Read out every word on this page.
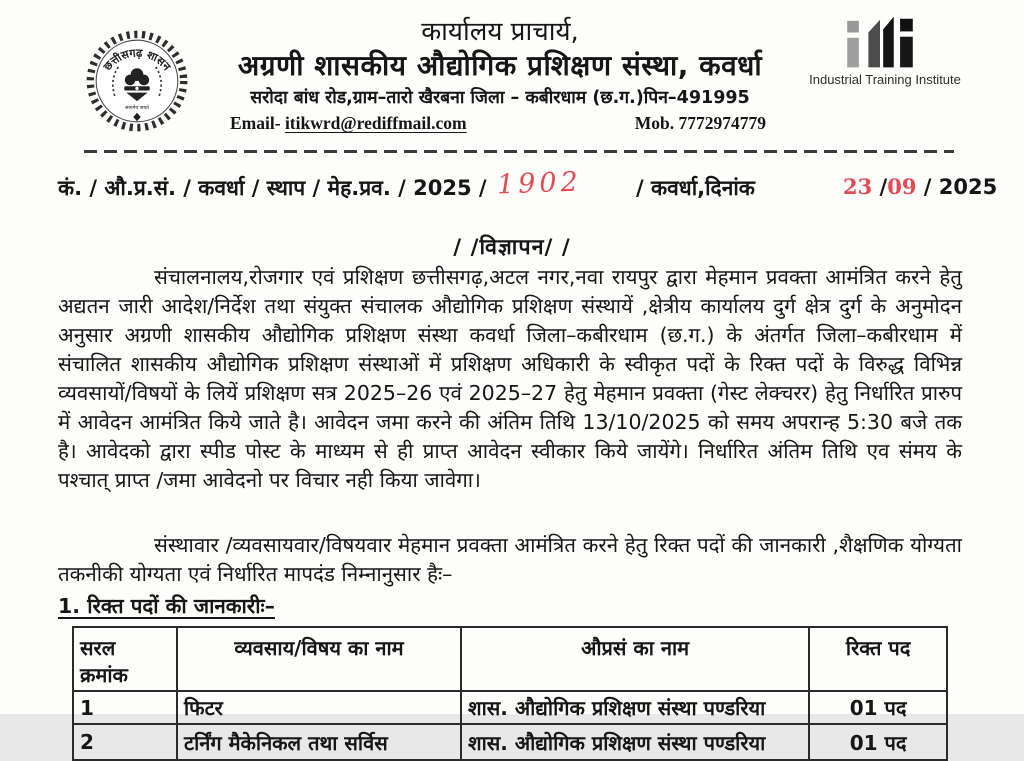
छत्तीसगढ़ शासन
सत्यमेव जयते
कार्यालय प्राचार्य,
अग्रणी शासकीय औद्योगिक प्रशिक्षण संस्था, कवर्धा
सरोदा बांध रोड,ग्राम–तारो खैरबना जिला – कबीरधाम (छ.ग.)पिन–491995
Email- itikwrd@rediffmail.com	Mob. 7772974779
Industrial Training Institute
कं. / औ.प्र.सं. / कवर्धा / स्थाप / मेह.प्रव. / 2025 / 1902	/ कवर्धा,दिनांक	23 /09 / 2025
/ /विज्ञापन/ /

संचालनालय,रोजगार एवं प्रशिक्षण छत्तीसगढ़,अटल नगर,नवा रायपुर द्वारा मेहमान प्रवक्ता आमंत्रित करने हेतु अद्यतन जारी आदेश/निर्देश तथा संयुक्त संचालक औद्योगिक प्रशिक्षण संस्थायें ,क्षेत्रीय कार्यालय दुर्ग क्षेत्र दुर्ग के अनुमोदन अनुसार अग्रणी शासकीय औद्योगिक प्रशिक्षण संस्था कवर्धा जिला–कबीरधाम (छ.ग.) के अंतर्गत जिला–कबीरधाम में संचालित शासकीय औद्योगिक प्रशिक्षण संस्थाओं में प्रशिक्षण अधिकारी के स्वीकृत पदों के रिक्त पदों के विरुद्ध विभिन्न व्यवसायों/विषयों के लियें प्रशिक्षण सत्र 2025–26 एवं 2025–27 हेतु मेहमान प्रवक्ता (गेस्ट लेक्चरर) हेतु निर्धारित प्रारुप में आवेदन आमंत्रित किये जाते है। आवेदन जमा करने की अंतिम तिथि 13/10/2025 को समय अपरान्ह 5:30 बजे तक है। आवेदको द्वारा स्पीड पोस्ट के माध्यम से ही प्राप्त आवेदन स्वीकार किये जायेंगे। निर्धारित अंतिम तिथि एव संमय के पश्चात् प्राप्त /जमा आवेदनो पर विचार नही किया जावेगा।

संस्थावार /व्यवसायवार/विषयवार मेहमान प्रवक्ता आमंत्रित करने हेतु रिक्त पदों की जानकारी ,शैक्षणिक योग्यता तकनीकी योग्यता एवं निर्धारित मापदंड निम्नानुसार हैः–

1. रिक्त पदों की जानकारीः–
सरल क्रमांक	व्यवसाय/विषय का नाम	औप्रसं का नाम	रिक्त पद
1	फिटर	शास. औद्योगिक प्रशिक्षण संस्था पण्डरिया	01 पद
2	टर्निंग मैकेनिकल तथा सर्विस	शास. औद्योगिक प्रशिक्षण संस्था पण्डरिया	01 पद
